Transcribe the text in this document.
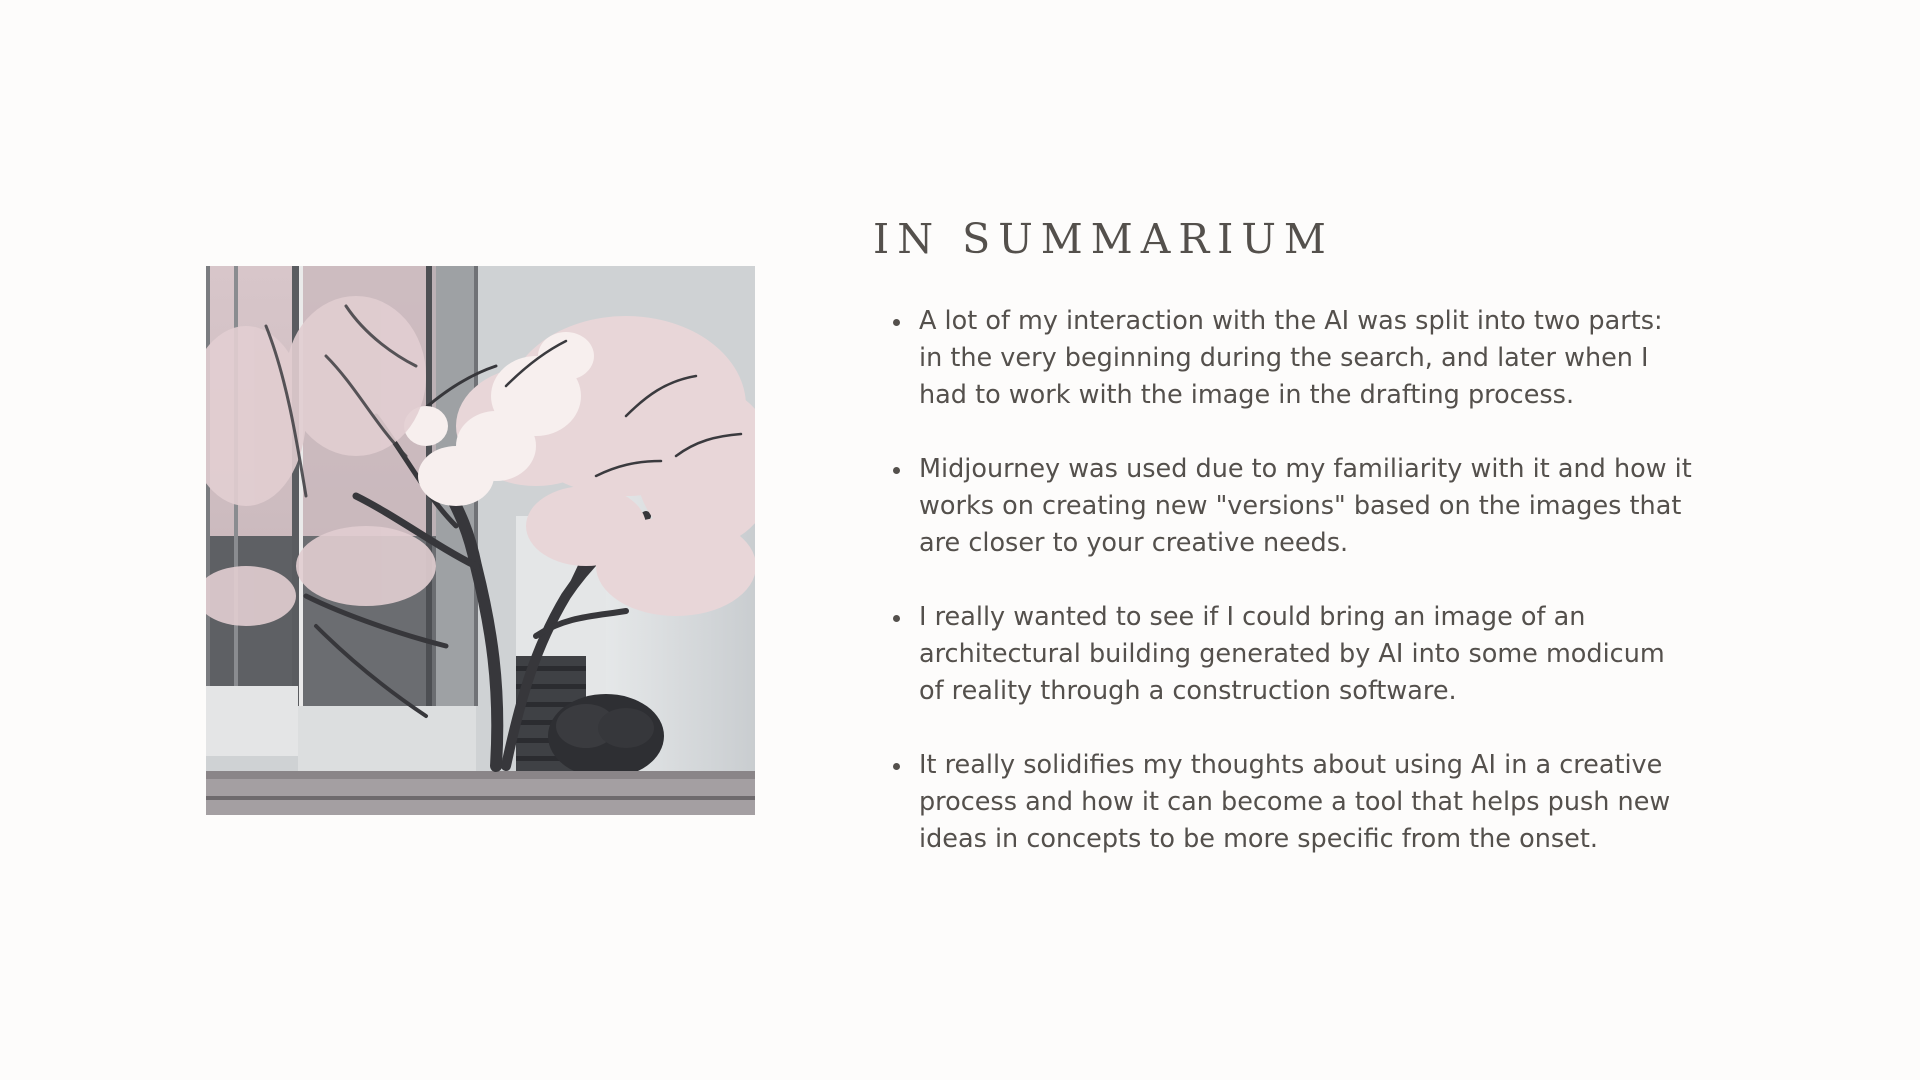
IN SUMMARIUM
A lot of my interaction with the AI was split into two parts: in the very beginning during the search, and later when I had to work with the image in the drafting process.
Midjourney was used due to my familiarity with it and how it works on creating new "versions" based on the images that are closer to your creative needs.
I really wanted to see if I could bring an image of an architectural building generated by AI into some modicum of reality through a construction software.
It really solidifies my thoughts about using AI in a creative process and how it can become a tool that helps push new ideas in concepts to be more specific from the onset.
